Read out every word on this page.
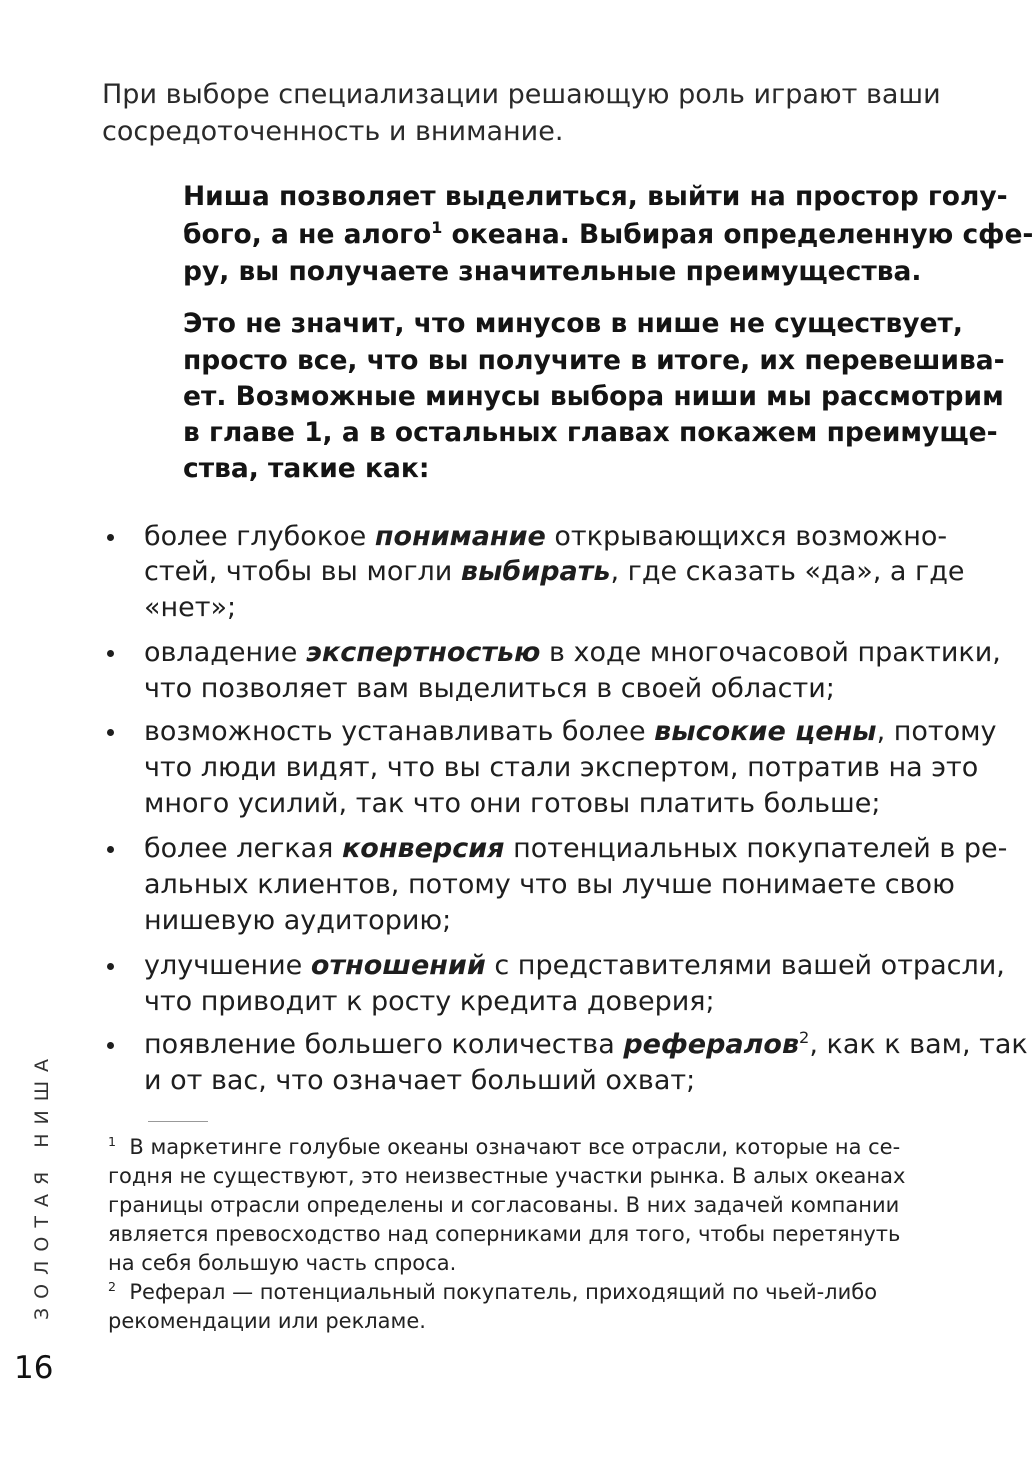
При выборе специализации решающую роль играют ваши
сосредоточенность и внимание.
Ниша позволяет выделиться, выйти на простор голу-
бого, а не алого$^1$ океана. Выбирая определенную сфе-
ру, вы получаете значительные преимущества.
Это не значит, что минусов в нише не существует,
просто все, что вы получите в итоге, их перевешива-
ет. Возможные минусы выбора ниши мы рассмотрим
в главе 1, а в остальных главах покажем преимуще-
ства, такие как:
более глубокое понимание открывающихся возможно-
стей, чтобы вы могли выбирать, где сказать «да», а где
«нет»;
овладение экспертностью в ходе многочасовой практики,
что позволяет вам выделиться в своей области;
возможность устанавливать более высокие цены, потому
что люди видят, что вы стали экспертом, потратив на это
много усилий, так что они готовы платить больше;
более легкая конверсия потенциальных покупателей в ре-
альных клиентов, потому что вы лучше понимаете свою
нишевую аудиторию;
улучшение отношений с представителями вашей отрасли,
что приводит к росту кредита доверия;
появление большего количества рефералов$^2$, как к вам, так
и от вас, что означает больший охват;
$^1$ В маркетинге голубые океаны означают все отрасли, которые на се-
годня не существуют, это неизвестные участки рынка. В алых океанах
границы отрасли определены и согласованы. В них задачей компании
является превосходство над соперниками для того, чтобы перетянуть
на себя большую часть спроса.
$^2$ Реферал — потенциальный покупатель, приходящий по чьей-либо
рекомендации или рекламе.
ЗОЛОТАЯ НИША
16
